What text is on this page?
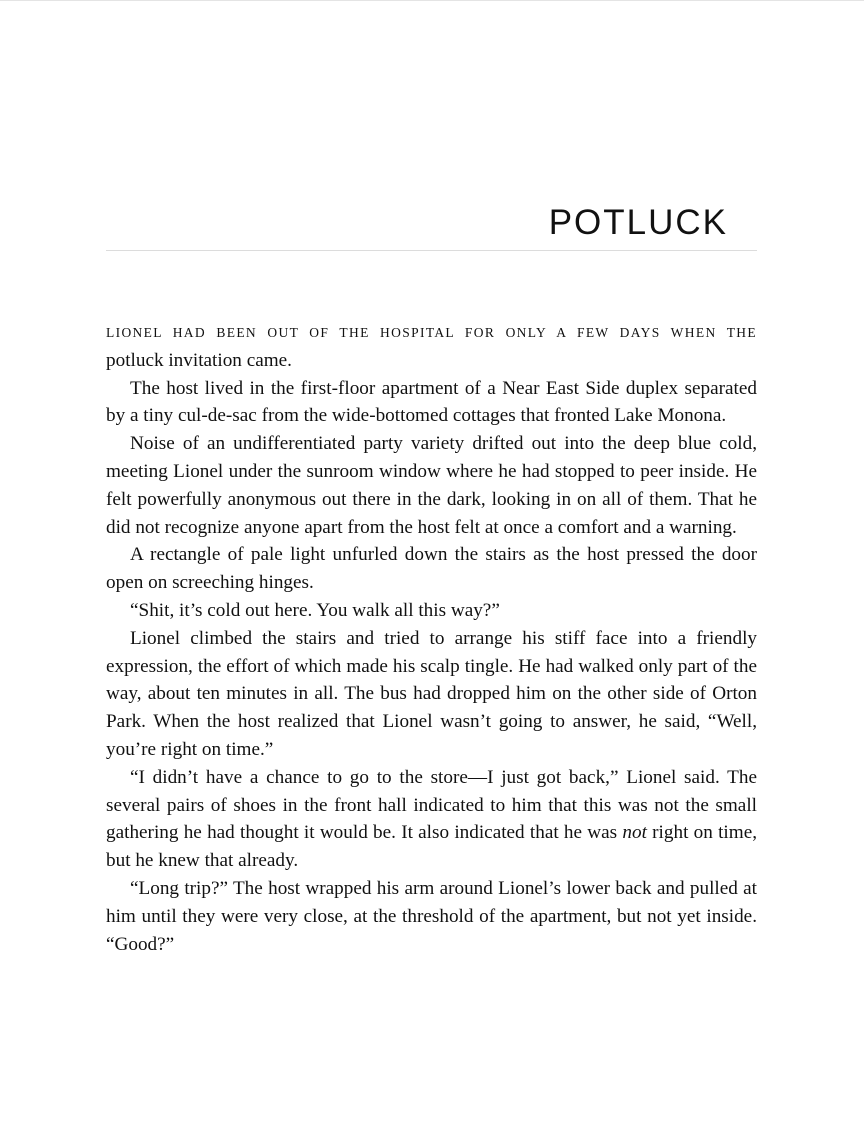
POTLUCK

LIONEL HAD BEEN OUT OF THE HOSPITAL FOR ONLY A FEW DAYS WHEN THE potluck invitation came.

The host lived in the first-floor apartment of a Near East Side duplex separated by a tiny cul-de-sac from the wide-bottomed cottages that fronted Lake Monona.

Noise of an undifferentiated party variety drifted out into the deep blue cold, meeting Lionel under the sunroom window where he had stopped to peer inside. He felt powerfully anonymous out there in the dark, looking in on all of them. That he did not recognize anyone apart from the host felt at once a comfort and a warning.

A rectangle of pale light unfurled down the stairs as the host pressed the door open on screeching hinges.

“Shit, it’s cold out here. You walk all this way?”

Lionel climbed the stairs and tried to arrange his stiff face into a friendly expression, the effort of which made his scalp tingle. He had walked only part of the way, about ten minutes in all. The bus had dropped him on the other side of Orton Park. When the host realized that Lionel wasn’t going to answer, he said, “Well, you’re right on time.”

“I didn’t have a chance to go to the store—I just got back,” Lionel said. The several pairs of shoes in the front hall indicated to him that this was not the small gathering he had thought it would be. It also indicated that he was not right on time, but he knew that already.

“Long trip?” The host wrapped his arm around Lionel’s lower back and pulled at him until they were very close, at the threshold of the apartment, but not yet inside. “Good?”
